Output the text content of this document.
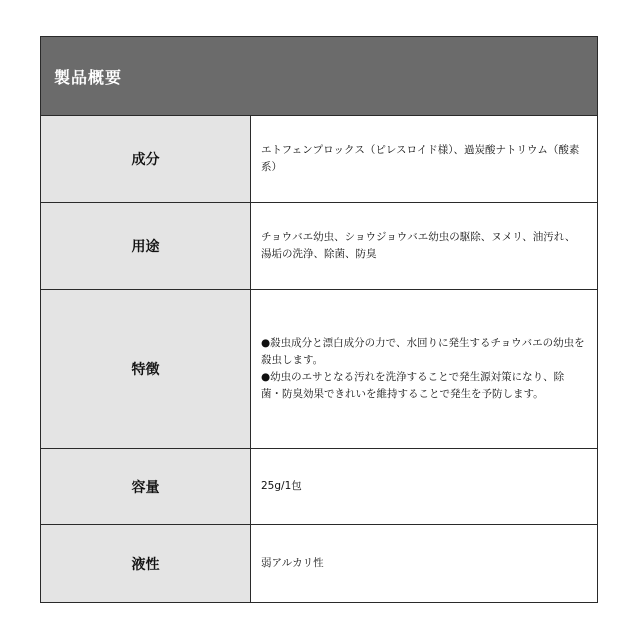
製品概要
成分
エトフェンプロックス（ピレスロイド様）、過炭酸ナトリウム（酸素系）
用途
チョウバエ幼虫、ショウジョウバエ幼虫の駆除、ヌメリ、油汚れ、湯垢の洗浄、除菌、防臭
特徴
●殺虫成分と漂白成分の力で、水回りに発生するチョウバエの幼虫を殺虫します。
●幼虫のエサとなる汚れを洗浄することで発生源対策になり、除菌・防臭効果できれいを維持することで発生を予防します。
容量	25g/1包
液性	弱アルカリ性
